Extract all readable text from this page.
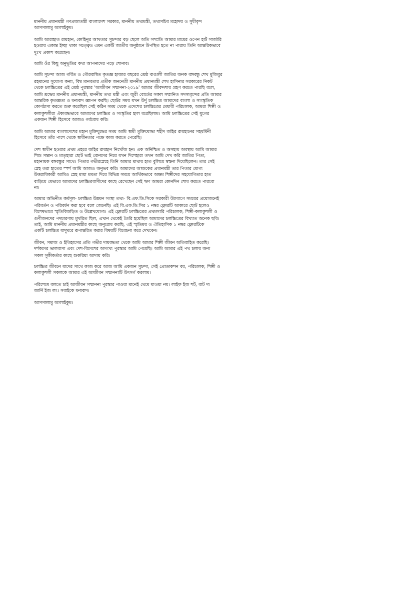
মাননীয় প্রধানমন্ত্রী গণপ্রজাতন্ত্রী বাংলাদেশ সরকার, মাননীয় তথ্যমন্ত্রী, তথ্যসচিব মহোদয় ও সুধীবৃন্দ
আসসালামু আলাইকুম।

আমি আরাহাত রায়হান, কোহিনূর আখতার সুচন্দার বড় ছেলে অতি সম্প্রতি আমার মায়ের ওপেন হার্ট সার্জারি
হওয়ায় একান্ত ইচ্ছা থাকা সত্ত্বেও এমন একটি জাতীয় অনুষ্ঠানে উপস্থিত হতে না পারায় তিনি আন্তরিকভাবে
দুঃখ প্রকাশ করেছেন।

আমি ওঁর কিছু অনুভূতির কথা আপনাদের পড়ে শোনাব।

আমি সুচন্দা আজ গর্বিত ও গৌরবান্বিত কৃতজ্ঞ হাজার বছরের শ্রেষ্ঠ বাঙালী জাতির জনক বঙ্গবন্ধু শেখ মুজিবুর
রহমানের সুযোগ্য কন্যা, বিশ্ব মানবতার প্রতীক জননেত্রী মাননীয় প্রধানমন্ত্রী শেখ হাসিনার সরকারের নিকট
থেকে চলচ্চিত্রের এই শ্রেষ্ঠ পুরস্কার 'আজীবন সম্মাননা-২০১৯' আমার জীবদ্দশায় গ্রহণ করতে পারছি বলে,
আমি শ্রদ্ধেয় মাননীয় প্রধানমন্ত্রী, মাননীয় তথ্য মন্ত্রী এবং জুরী বোর্ডের সকল সম্মানিত সদস্যবৃন্দের প্রতি আমার
আন্তরিক কৃতজ্ঞতা ও ধন্যবাদ জ্ঞাপন করছি। ছোটর সময় যখন উর্দু চলচ্চিত্র আমাদের বাংলা ও সাংস্কৃতিক
কোণঠাসা করতে শুরু করেছিল সেই কঠিন সময় থেকে এদেশের চলচ্চিত্রের মেধাবী পরিচালক, আমরা শিল্পী ও
কলাকুশলীরা ঐক্যবদ্ধভাবে আমাদের চলচ্চিত্র ও সংস্কৃতির হাল ধরেছিলাম। আমি চলচ্চিত্রের সেই যুগের
একজন শিল্পী হিসেবে আজও গর্ববোধ করি।

আমি আমার বাংলাদেশের মহান মুক্তিযুদ্ধের সময় আমি স্বামী মুক্তিযোদ্ধা শহীদ জহির রায়হানের সহধর্মিনী
হিসেবে তাঁর পাশে থেকে স্বাধীনতার পক্ষে কাজ করতে পেরেছি।

দেশ স্বাধীন হওয়ার প্রথম প্রহরে জহির রায়হান নিখোঁজ হন। এক অনিশ্চিত ও অসহায় অবস্থায় আমি আমার
শিশু সন্তান ও মাতৃহারা ছোট ভাই বোনদের নিয়ে যখন দিশেহারা তখন আমি দেখ করি জাতির পিতা,
মহানায়ক বঙ্গবন্ধুর সাথে। পিতার গভীরস্নেহে তিনি আমার মাথায় হাত বুলিয়ে স্বস্তনা দিয়েছিলেন। তার সেই
স্নেহ তরা হাতের স্পর্শ আমি আজও অনুভব করি। আমাদের আজকের প্রধানমন্ত্রী তার পিতার যোগ্য
উত্তরাধিকারী আমিও স্নেহ মায়া মমতা দিয়ে বিভিন্ন সময়ে আর্থিকভাবে অক্ষম শিল্পীদের সহযোগিতার হাত
বাড়িয়ে যেভাবে আমাদের চলচ্চিত্রবাসীদের কাছে রেখেছেন সেই ঋণ আমরা কোনদিন শোধ করতে পারবো
না।

আমার অভিনীত কর্মসূল- চলচ্চিত্র উন্নয়ন সংস্থা তথ্য- বি.এফ.ডি.সিকে সরকারী উদ্যোগে সময়ের প্রয়োজনেই
পরিবর্তন ও পরিবর্ধন করা হবে বলে জেনেছি। এই বি.এফ.ডি.সির ১ নম্বর ফ্লোরটি আকারে ছোট হলেও
বিশেষভাবে স্মৃতিবিজড়িত ও উল্লেখযোগ্য। এই ফ্লোরটি চলচ্চিত্রের প্রথমসারি পরিচালক, শিল্পী-কলাকুশলী ও
গুণীজনদের পদচারণায় মুখরিত ছিল, এখান থেকেই তৈরি হয়েছিল আমাদের চলচ্চিত্রের বিখ্যাত অনেক ছবি।
তাই, আমি মাননীয় প্রধানমন্ত্রীর কাছে অনুরোধ করছি, এই স্মৃতিময় ও ঐতিহাসিক ১ নম্বর ফ্লোরটিকে
একটি চলচ্চিত্র যাদুঘরে রূপান্তরিত করার বিষয়টি বিবেচনা করে দেখবেন।

জীবন, সমাজ ও ইতিহাসের প্রতি গভীর দায়বদ্ধতা থেকে আমি আমার শিল্পী জীবন অতিবাহিত করেছি।
দর্শকদের ভালবাসা এবং দেশ-বিদেশের অসংখ্য পুরস্কার আমি পেয়েছি। আমি আমার এই পথ চলায় অন্য
সকল সুকীকর্তার কাছে শুকরিয়া আদায় করি।

চলচ্চিত্র জীবনে যাদের সাথে কাজ করে আজ আমি একজন সুচন্দা, সেই প্রোডাকশন বয়, পরিচালক, শিল্পী ও
কলাকুশলী সকলকে আমার এই আজীবন সম্মাননাটি উৎসর্গ করলাম।

পরিশেষে বলতে চাই আজীবন সম্মাননা পুরস্কার পাওয়া মানেই থেমে যাওয়া নয়। লাইফ ইজ শর্ট, বাট দ্য
জার্নি ইজ লং। সবাইকে ধন্যবাদ।

আসসালামু আলাইকুম।
